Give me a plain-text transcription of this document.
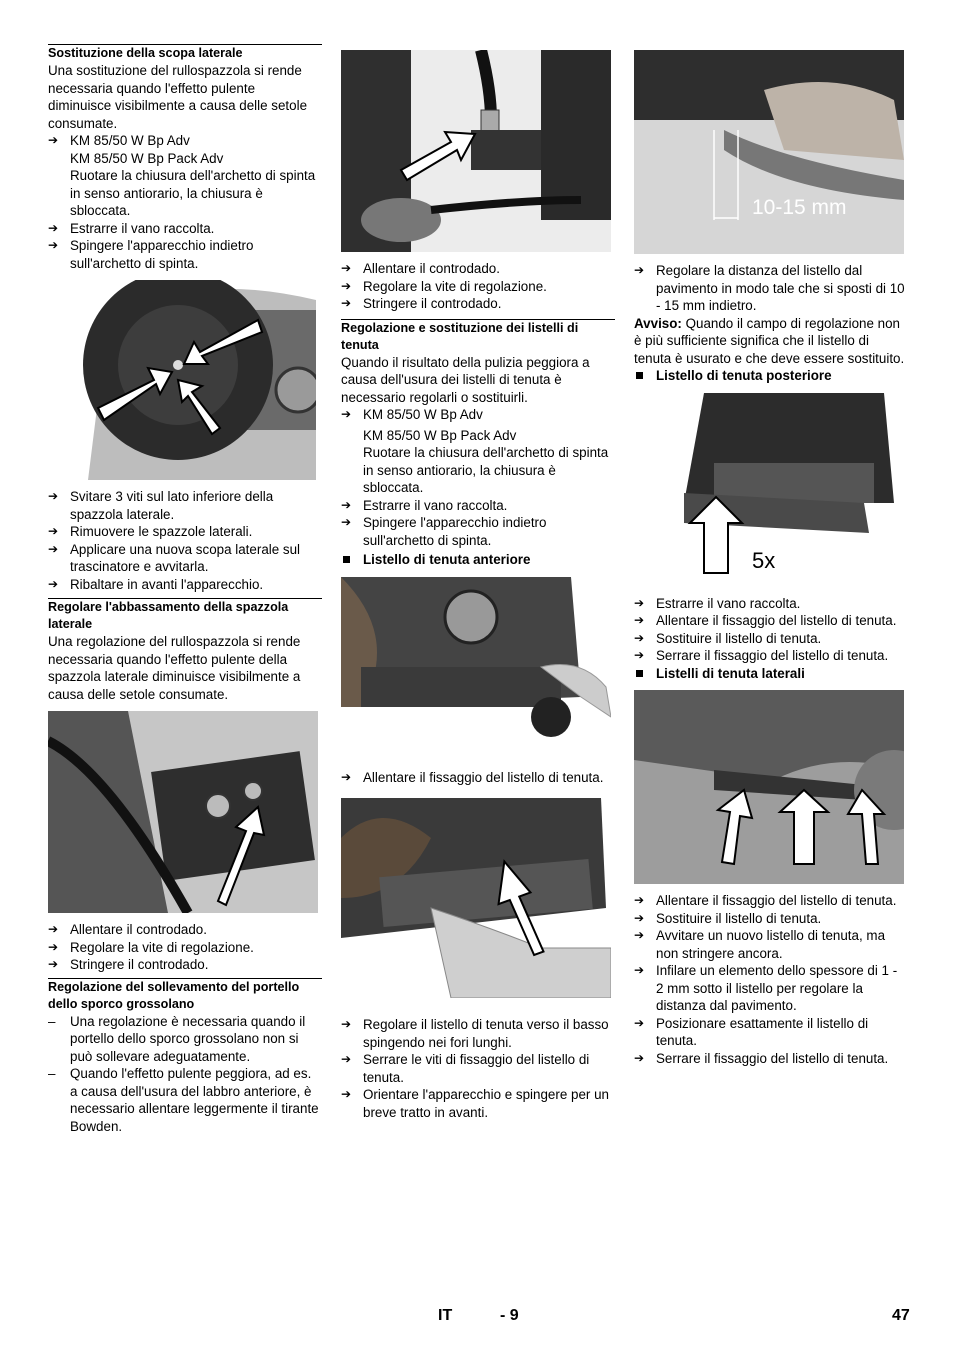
Sostituzione della scopa laterale

Una sostituzione del rullospazzola si rende necessaria quando l'effetto pulente diminuisce visibilmente a causa delle setole consumate.

➔ KM 85/50 W Bp Adv

KM 85/50 W Bp Pack Adv

Ruotare la chiusura dell'archetto di spinta in senso antiorario, la chiusura è sbloccata.

➔ Estrarre il vano raccolta.

➔ Spingere l'apparecchio indietro sull'archetto di spinta.

➔ Svitare 3 viti sul lato inferiore della spazzola laterale.

➔ Rimuovere le spazzole laterali.

➔ Applicare una nuova scopa laterale sul trascinatore e avvitarla.

➔ Ribaltare in avanti l'apparecchio.

Regolare l'abbassamento della spazzola laterale

Una regolazione del rullospazzola si rende necessaria quando l'effetto pulente della spazzola laterale diminuisce visibilmente a causa delle setole consumate.

➔ Allentare il controdado.

➔ Regolare la vite di regolazione.

➔ Stringere il controdado.

Regolazione del sollevamento del portello dello sporco grossolano

– Una regolazione è necessaria quando il portello dello sporco grossolano non si può sollevare adeguatamente.

– Quando l'effetto pulente peggiora, ad es. a causa dell'usura del labbro anteriore, è necessario allentare leggermente il tirante Bowden.

➔ Allentare il controdado.

➔ Regolare la vite di regolazione.

➔ Stringere il controdado.

Regolazione e sostituzione dei listelli di tenuta

Quando il risultato della pulizia peggiora a causa dell'usura dei listelli di tenuta è necessario regolarli o sostituirli.

➔ KM 85/50 W Bp Adv

KM 85/50 W Bp Pack Adv

Ruotare la chiusura dell'archetto di spinta in senso antiorario, la chiusura è sbloccata.

➔ Estrarre il vano raccolta.

➔ Spingere l'apparecchio indietro sull'archetto di spinta.

Listello di tenuta anteriore

➔ Allentare il fissaggio del listello di tenuta.

➔ Regolare il listello di tenuta verso il basso spingendo nei fori lunghi.

➔ Serrare le viti di fissaggio del listello di tenuta.

➔ Orientare l'apparecchio e spingere per un breve tratto in avanti.

10-15 mm

➔ Regolare la distanza del listello dal pavimento in modo tale che si sposti di 10 - 15 mm indietro.

Avviso: Quando il campo di regolazione non è più sufficiente significa che il listello di tenuta è usurato e che deve essere sostituito.

Listello di tenuta posteriore

5x

➔ Estrarre il vano raccolta.

➔ Allentare il fissaggio del listello di tenuta.

➔ Sostituire il listello di tenuta.

➔ Serrare il fissaggio del listello di tenuta.

Listelli di tenuta laterali

➔ Allentare il fissaggio del listello di tenuta.

➔ Sostituire il listello di tenuta.

➔ Avvitare un nuovo listello di tenuta, ma non stringere ancora.

➔ Infilare un elemento dello spessore di 1 - 2 mm sotto il listello per regolare la distanza dal pavimento.

➔ Posizionare esattamente il listello di tenuta.

➔ Serrare il fissaggio del listello di tenuta.

IT	- 9	47
